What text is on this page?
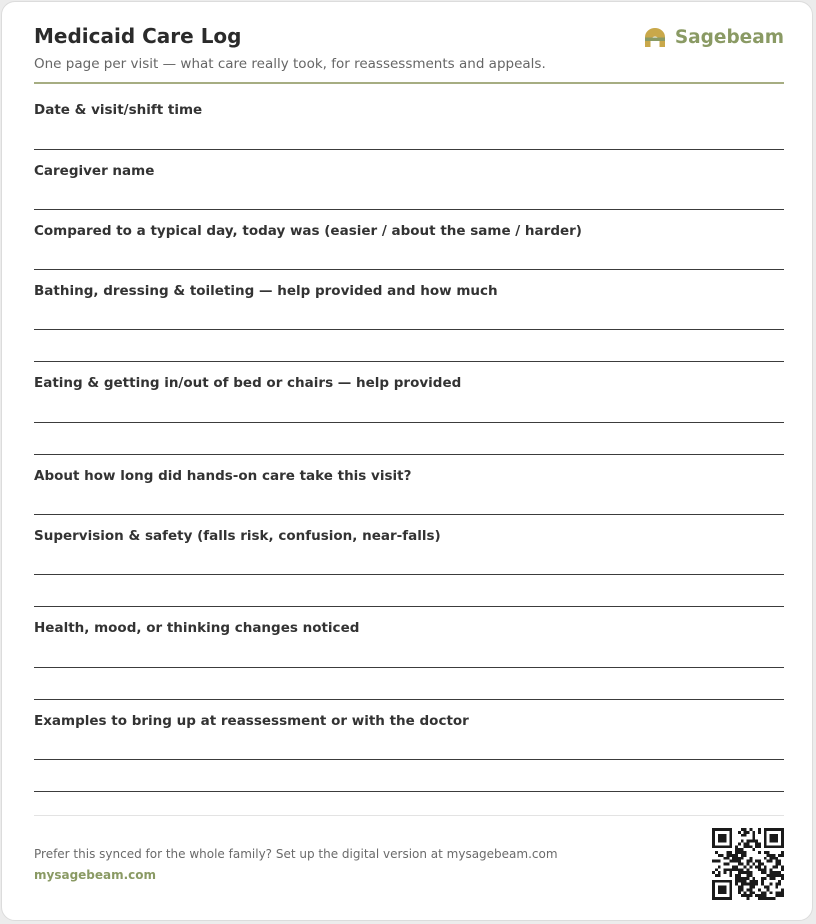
Medicaid Care Log

One page per visit — what care really took, for reassessments and appeals.

Sagebeam
Date & visit/shift time
Caregiver name
Compared to a typical day, today was (easier / about the same / harder)
Bathing, dressing & toileting — help provided and how much
Eating & getting in/out of bed or chairs — help provided
About how long did hands-on care take this visit?
Supervision & safety (falls risk, confusion, near-falls)
Health, mood, or thinking changes noticed
Examples to bring up at reassessment or with the doctor
Prefer this synced for the whole family? Set up the digital version at mysagebeam.com
mysagebeam.com
